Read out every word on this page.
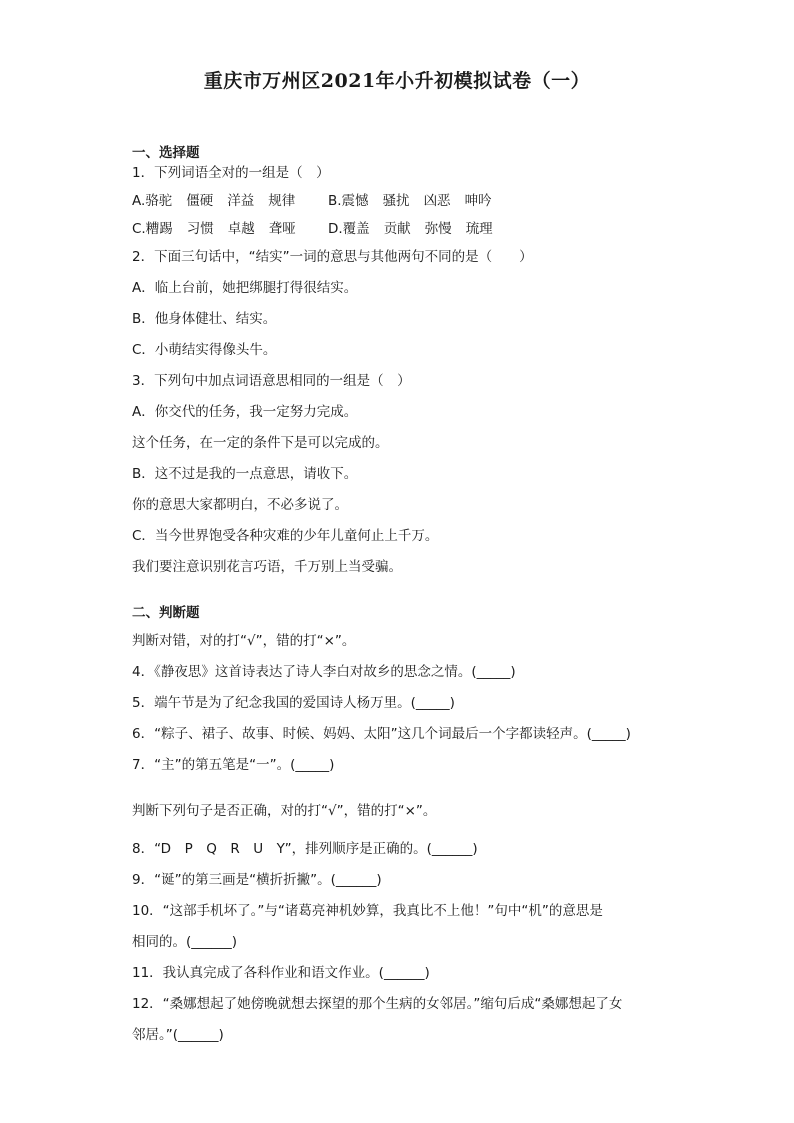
重庆市万州区2021年小升初模拟试卷（一）
一、选择题
1．下列词语全对的一组是（　）
A.骆驼 僵硬 洋益 规律 B.震憾 骚扰 凶恶 呻吟
C.糟踢 习惯 卓越 聋哑 D.覆盖 贡献 弥慢 琉理
2．下面三句话中，“结实”一词的意思与其他两句不同的是（　　）
A．临上台前，她把绑腿打得很结实。
B．他身体健壮、结实。
C．小萌结实得像头牛。
3．下列句中加点词语意思相同的一组是（　）
A．你交代的任务，我一定努力完成。
这个任务，在一定的条件下是可以完成的。
B．这不过是我的一点意思，请收下。
你的意思大家都明白，不必多说了。
C．当今世界饱受各种灾难的少年儿童何止上千万。
我们要注意识别花言巧语，千万别上当受骗。
二、判断题
判断对错，对的打“√”，错的打“×”。
4．《静夜思》这首诗表达了诗人李白对故乡的思念之情。(_____)
5．端午节是为了纪念我国的爱国诗人杨万里。(_____)
6．“粽子、裙子、故事、时候、妈妈、太阳”这几个词最后一个字都读轻声。(_____)
7．“主”的第五笔是“一”。(_____)
判断下列句子是否正确，对的打“√”，错的打“×”。
8．“D　P　Q　R　U　Y”，排列顺序是正确的。(______)
9．“诞”的第三画是“横折折撇”。(______)
10．“这部手机坏了。”与“诸葛亮神机妙算，我真比不上他！”句中“机”的意思是
相同的。(______)
11．我认真完成了各科作业和语文作业。(______)
12．“桑娜想起了她傍晚就想去探望的那个生病的女邻居。”缩句后成“桑娜想起了女
邻居。”(______)
